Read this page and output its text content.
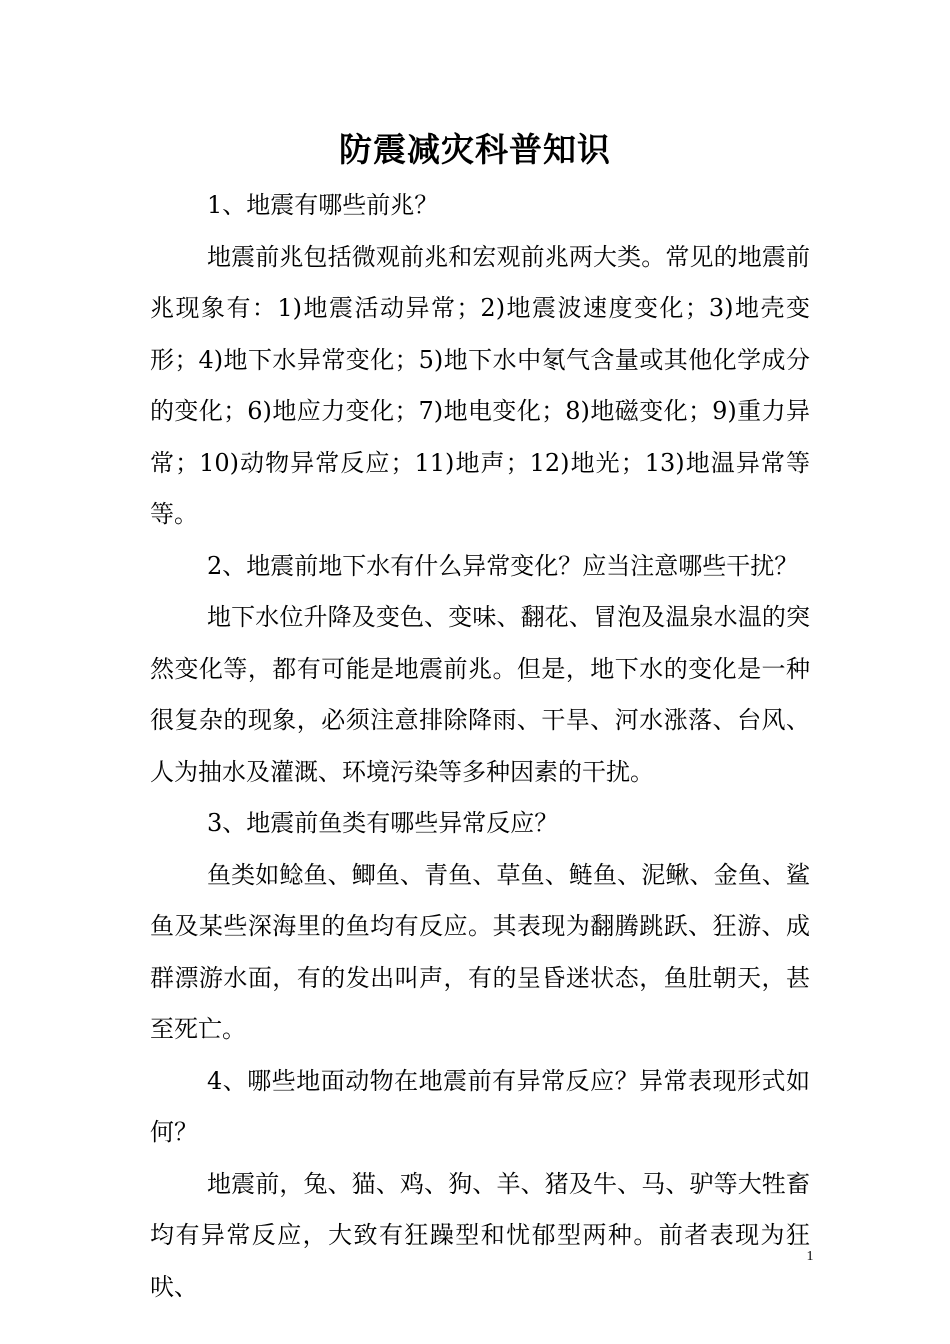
防震减灾科普知识

1、地震有哪些前兆？

地震前兆包括微观前兆和宏观前兆两大类。常见的地震前兆现象有：1)地震活动异常；2)地震波速度变化；3)地壳变形；4)地下水异常变化；5)地下水中氡气含量或其他化学成分的变化；6)地应力变化；7)地电变化；8)地磁变化；9)重力异常；10)动物异常反应；11)地声；12)地光；13)地温异常等等。

2、地震前地下水有什么异常变化？应当注意哪些干扰？

地下水位升降及变色、变味、翻花、冒泡及温泉水温的突然变化等，都有可能是地震前兆。但是，地下水的变化是一种很复杂的现象，必须注意排除降雨、干旱、河水涨落、台风、人为抽水及灌溉、环境污染等多种因素的干扰。

3、地震前鱼类有哪些异常反应？

鱼类如鲶鱼、鲫鱼、青鱼、草鱼、鲢鱼、泥鳅、金鱼、鲨鱼及某些深海里的鱼均有反应。其表现为翻腾跳跃、狂游、成群漂游水面，有的发出叫声，有的呈昏迷状态，鱼肚朝天，甚至死亡。

4、哪些地面动物在地震前有异常反应？异常表现形式如何？

地震前，兔、猫、鸡、狗、羊、猪及牛、马、驴等大牲畜均有异常反应，大致有狂躁型和忧郁型两种。前者表现为狂吠、

1
